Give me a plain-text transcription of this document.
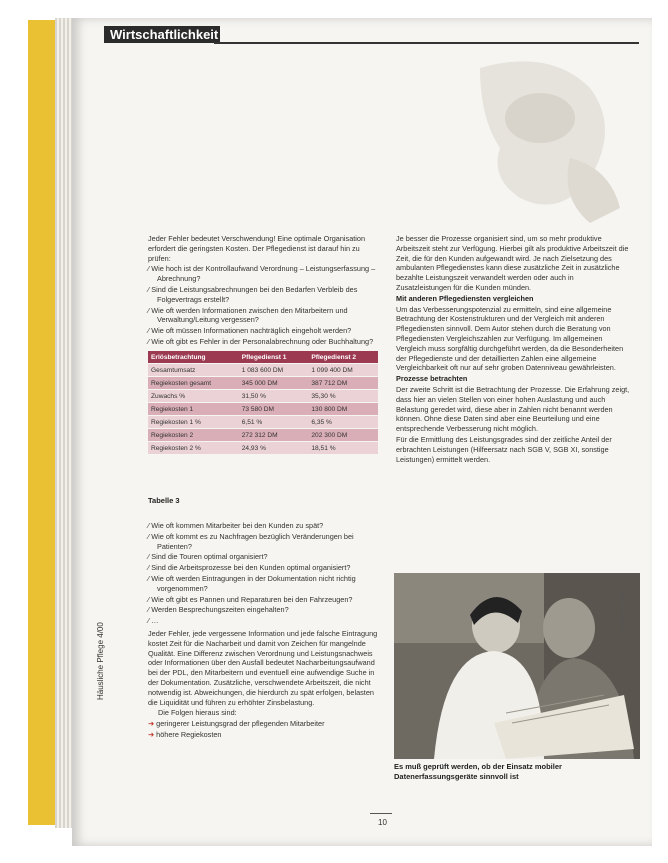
Wirtschaftlichkeit

Jeder Fehler bedeutet Verschwendung! Eine optimale Organisation erfordert die geringsten Kosten. Der Pflegedienst ist darauf hin zu prüfen:

∕ Wie hoch ist der Kontrollaufwand Verordnung – Leistungserfassung – Abrechnung?

∕ Sind die Leistungsabrechnungen bei den Bedarfen Verbleib des Folgevertrags erstellt?

∕ Wie oft werden Informationen zwischen den Mitarbeitern und Verwaltung/Leitung vergessen?

∕ Wie oft müssen Informationen nachträglich eingeholt werden?

∕ Wie oft gibt es Fehler in der Personalabrechnung oder Buchhaltung?

Erlösbetrachtung	Pflegedienst 1	Pflegedienst 2
Gesamtumsatz	1 083 600 DM	1 099 400 DM
Regiekosten gesamt	345 000 DM	387 712 DM
Zuwachs %	31,50 %	35,30 %
Regiekosten 1	73 580 DM	130 800 DM
Regiekosten 1 %	6,51 %	6,35 %
Regiekosten 2	272 312 DM	202 300 DM
Regiekosten 2 %	24,93 %	18,51 %
Tabelle 3

∕ Wie oft kommen Mitarbeiter bei den Kunden zu spät?

∕ Wie oft kommt es zu Nachfragen bezüglich Veränderungen bei Patienten?

∕ Sind die Touren optimal organisiert?

∕ Sind die Arbeitsprozesse bei den Kunden optimal organisiert?

∕ Wie oft werden Eintragungen in der Dokumentation nicht richtig vorgenommen?

∕ Wie oft gibt es Pannen und Reparaturen bei den Fahrzeugen?

∕ Werden Besprechungszeiten eingehalten?

∕ …

Jeder Fehler, jede vergessene Information und jede falsche Eintragung kostet Zeit für die Nacharbeit und damit von Zeichen für mangelnde Qualität. Eine Differenz zwischen Verordnung und Leistungsnachweis oder Informationen über den Ausfall bedeutet Nacharbeitungsaufwand bei der PDL, den Mitarbeitern und eventuell eine aufwendige Suche in der Dokumentation. Zusätzliche, verschwendete Arbeitszeit, die nicht notwendig ist. Abweichungen, die hierdurch zu spät erfolgen, belasten die Liquidität und führen zu erhöhter Zinsbelastung.

Die Folgen hieraus sind:

➜ geringerer Leistungsgrad der pflegenden Mitarbeiter

➜ höhere Regiekosten

Je besser die Prozesse organisiert sind, um so mehr produktive Arbeitszeit steht zur Verfügung. Hierbei gilt als produktive Arbeitszeit die Zeit, die für den Kunden aufgewandt wird. Je nach Zielsetzung des ambulanten Pflegedienstes kann diese zusätzliche Zeit in zusätzliche bezahlte Leistungszeit verwandelt werden oder auch in Zusatzleistungen für die Kunden münden.

Mit anderen Pflegediensten vergleichen

Um das Verbesserungspotenzial zu ermitteln, sind eine allgemeine Betrachtung der Kostenstrukturen und der Vergleich mit anderen Pflegediensten sinnvoll. Dem Autor stehen durch die Beratung von Pflegediensten Vergleichszahlen zur Verfügung. Im allgemeinen Vergleich muss sorgfältig durchgeführt werden, da die Besonderheiten der Pflegedienste und der detaillierten Zahlen eine allgemeine Vergleichbarkeit oft nur auf sehr groben Datenniveau gewährleisten.

Prozesse betrachten

Der zweite Schritt ist die Betrachtung der Prozesse. Die Erfahrung zeigt, dass hier an vielen Stellen von einer hohen Auslastung und auch Belastung geredet wird, diese aber in Zahlen nicht benannt werden können. Ohne diese Daten sind aber eine Beurteilung und eine entsprechende Verbesserung nicht möglich.

Für die Ermittlung des Leistungsgrades sind der zeitliche Anteil der erbrachten Leistungen (Hilfeersatz nach SGB V, SGB XI, sonstige Leistungen) ermittelt werden.

Foto: Ahnlonbrot
Es muß geprüft werden, ob der Einsatz mobiler Datenerfassungsgeräte sinnvoll ist
Häusliche Pflege 4/00
10
